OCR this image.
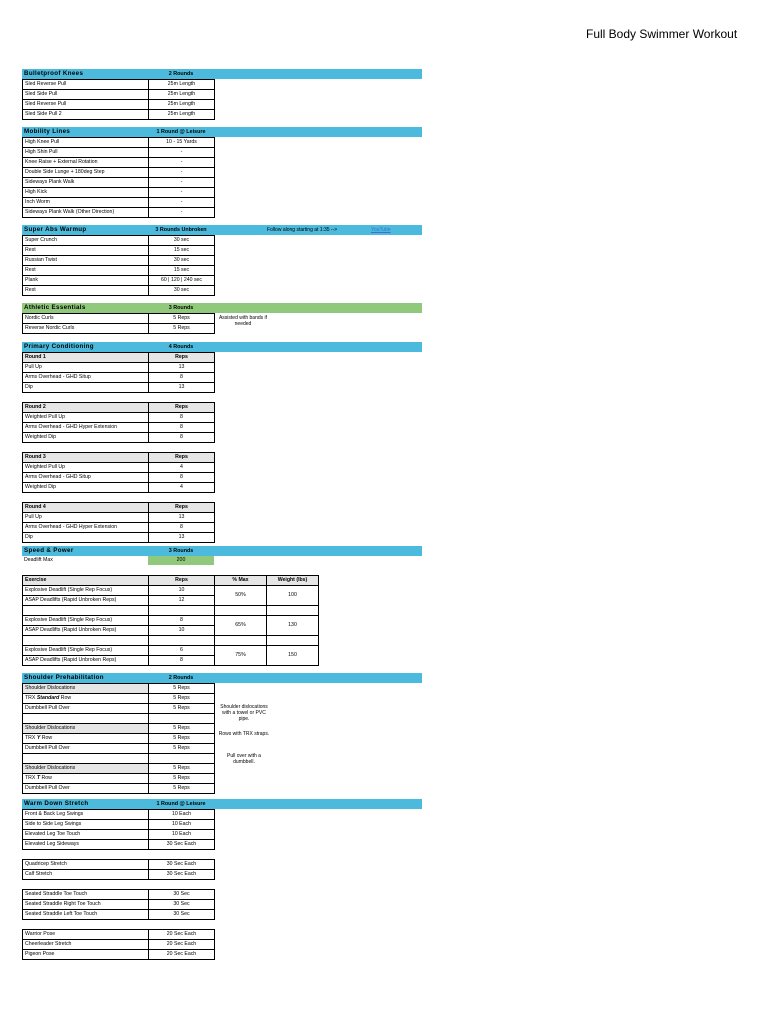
Full Body Swimmer Workout
Bulletproof Knees	2 Rounds
Sled Reverse Pull	25m Length
Sled Side Pull	25m Length
Sled Reverse Pull	25m Length
Sled Side Pull 2	25m Length
Mobility Lines	1 Round @ Leisure
High Knee Pull	10 - 15 Yards
High Shin Pull	-
Knee Raise + External Rotation	-
Double Side Lunge + 180deg Step	-
Sideways Plank Walk	-
High Kick	-
Inch Worm	-
Sideways Plank Walk (Other Direction)	-
Super Abs Warmup	3 Rounds Unbroken	Follow along starting at 1:35 -->	YouTube
Super Crunch	30 sec
Rest	15 sec
Russian Twist	30 sec
Rest	15 sec
Plank	60 | 120 | 240 sec
Rest	30 sec
Athletic Essentials	3 Rounds
Nordic Curls	5 Reps
Reverse Nordic Curls	5 Reps
Assisted with bands if needed
Primary Conditioning	4 Rounds
Round 1	Reps
Pull Up	13
Arms Overhead - GHD Situp	8
Dip	13
Round 2	Reps
Weighted Pull Up	8
Arms Overhead - GHD Hyper Extension	8
Weighted Dip	8
Round 3	Reps
Weighted Pull Up	4
Arms Overhead - GHD Situp	8
Weighted Dip	4
Round 4	Reps
Pull Up	13
Arms Overhead - GHD Hyper Extension	8
Dip	13
Speed & Power	3 Rounds
Deadlift Max	200
Exercise	Reps	% Max	Weight (lbs)
Explosive Deadlift (Single Rep Focus)	10	50%	100
ASAP Deadlifts (Rapid Unbroken Reps)	12		

Explosive Deadlift (Single Rep Focus)	8	65%	130
ASAP Deadlifts (Rapid Unbroken Reps)	10		

Explosive Deadlift (Single Rep Focus)	6	75%	150
ASAP Deadlifts (Rapid Unbroken Reps)	8		
Shoulder Prehabilitation	2 Rounds
Shoulder Dislocations	5 Reps
TRX Standard Row	5 Reps
Dumbbell Pull Over	5 Reps

Shoulder Dislocations	5 Reps
TRX Y Row	5 Reps
Dumbbell Pull Over	5 Reps

Shoulder Dislocations	5 Reps
TRX T Row	5 Reps
Dumbbell Pull Over	5 Reps
Shoulder dislocations with a towel or PVC pipe.
Rows with TRX straps.
Pull over with a dumbbell.
Warm Down Stretch	1 Round @ Leisure
Front & Back Leg Swings	10 Each
Side to Side Leg Swings	10 Each
Elevated Leg Toe Touch	10 Each
Elevated Leg Sideways	30 Sec Each
Quadricep Stretch	30 Sec Each
Calf Stretch	30 Sec Each
Seated Straddle Toe Touch	30 Sec
Seated Straddle Right Toe Touch	30 Sec
Seated Straddle Left Toe Touch	30 Sec
Warrior Pose	20 Sec Each
Cheerleader Stretch	20 Sec Each
Pigeon Pose	20 Sec Each
